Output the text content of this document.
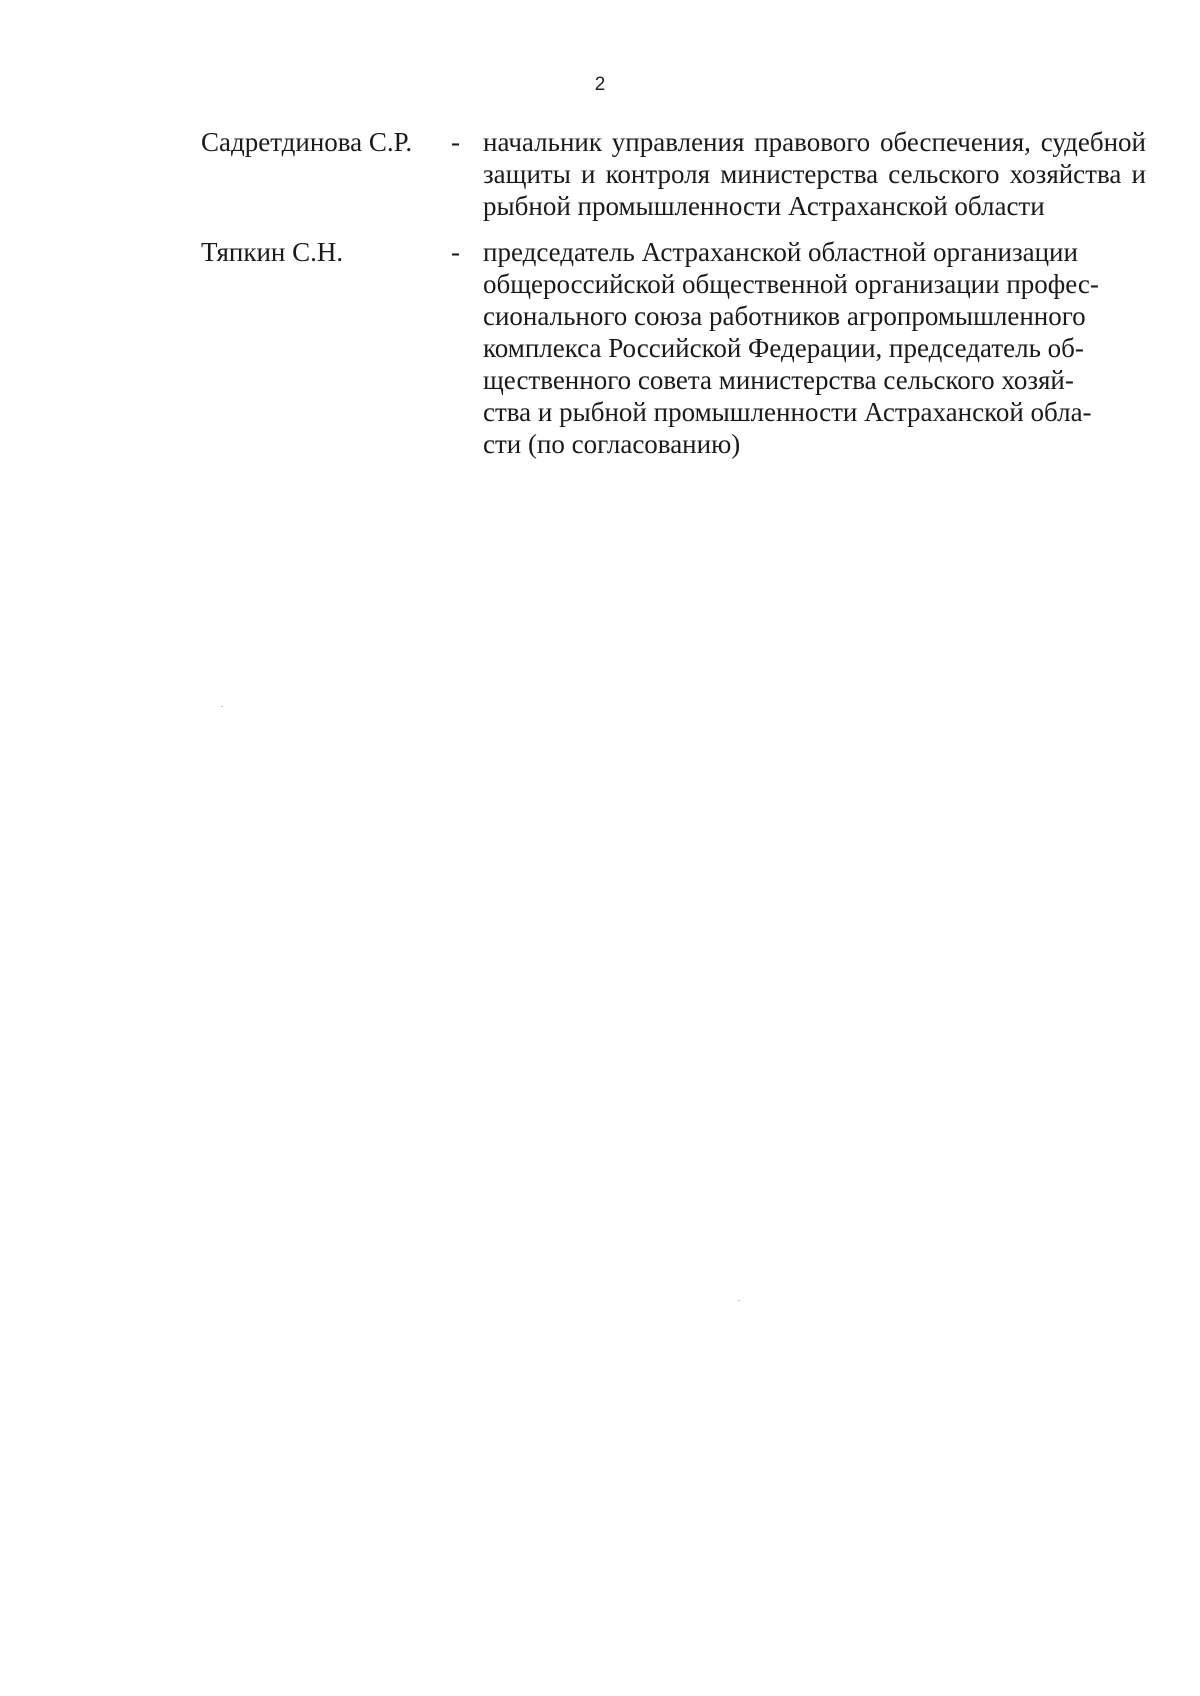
2
Садретдинова С.Р.	- начальник управления правового обеспечения, судебной защиты и контроля министерства сельского хозяйства и рыбной промышленности Астраханской области
Тяпкин С.Н.	- председатель Астраханской областной организации
общероссийской общественной организации профес-
сионального союза работников агропромышленного
комплекса Российской Федерации, председатель об-
щественного совета министерства сельского хозяй-
ства и рыбной промышленности Астраханской обла-
сти (по согласованию)
